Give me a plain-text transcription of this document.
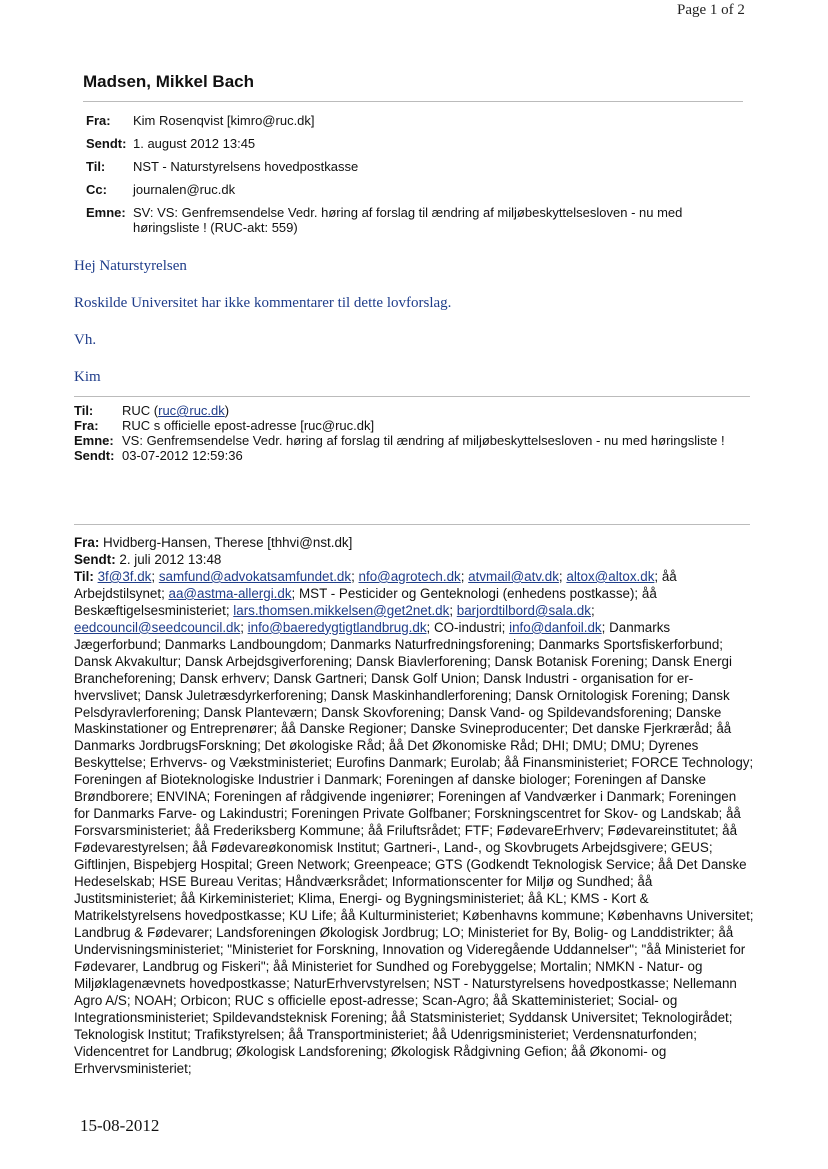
Page 1 of 2
Madsen, Mikkel Bach
Fra:	Kim Rosenqvist [kimro@ruc.dk]
Sendt:	1. august 2012 13:45
Til:	NST - Naturstyrelsens hovedpostkasse
Cc:	journalen@ruc.dk
Emne:	SV: VS: Genfremsendelse Vedr. høring af forslag til ændring af miljøbeskyttelsesloven - nu med høringsliste ! (RUC-akt: 559)
Hej Naturstyrelsen
Roskilde Universitet har ikke kommentarer til dette lovforslag.
Vh.
Kim
Til:	RUC (ruc@ruc.dk)
Fra:	RUC s officielle epost-adresse [ruc@ruc.dk]
Emne:	VS: Genfremsendelse Vedr. høring af forslag til ændring af miljøbeskyttelsesloven - nu med høringsliste !
Sendt:	03-07-2012 12:59:36
Fra: Hvidberg-Hansen, Therese [thhvi@nst.dk]
Sendt: 2. juli 2012 13:48
Til: 3f@3f.dk; samfund@advokatsamfundet.dk; nfo@agrotech.dk; atvmail@atv.dk; altox@altox.dk; åå Arbejdstilsynet; aa@astma-allergi.dk; MST - Pesticider og Genteknologi (enhedens postkasse); åå Beskæftigelsesministeriet; lars.thomsen.mikkelsen@get2net.dk; barjordtilbord@sala.dk; eedcouncil@seedcouncil.dk; info@baeredygtigtlandbrug.dk; CO-industri; info@danfoil.dk; Danmarks Jægerforbund; Danmarks Landboungdom; Danmarks Naturfredningsforening; Danmarks Sportsfiskerforbund; Dansk Akvakultur; Dansk Arbejdsgiverforening; Dansk Biavlerforening; Dansk Botanisk Forening; Dansk Energi Brancheforening; Dansk erhverv; Dansk Gartneri; Dansk Golf Union; Dansk Industri - organisation for er-hvervslivet; Dansk Juletræsdyrkerforening; Dansk Maskinhandlerforening; Dansk Ornitologisk Forening; Dansk Pelsdyravlerforening; Dansk Planteværn; Dansk Skovforening; Dansk Vand- og Spildevandsforening; Danske Maskinstationer og Entreprenører; åå Danske Regioner; Danske Svineproducenter; Det danske Fjerkræråd; åå Danmarks JordbrugsForskning; Det økologiske Råd; åå Det Økonomiske Råd; DHI; DMU; DMU; Dyrenes Beskyttelse; Erhvervs- og Vækstministeriet; Eurofins Danmark; Eurolab; åå Finansministeriet; FORCE Technology; Foreningen af Bioteknologiske Industrier i Danmark; Foreningen af danske biologer; Foreningen af Danske Brøndborere; ENVINA; Foreningen af rådgivende ingeniører; Foreningen af Vandværker i Danmark; Foreningen for Danmarks Farve- og Lakindustri; Foreningen Private Golfbaner; Forskningscentret for Skov- og Landskab; åå Forsvarsministeriet; åå Frederiksberg Kommune; åå Friluftsrådet; FTF; FødevareErhverv; Fødevareinstitutet; åå Fødevarestyrelsen; åå Fødevareøkonomisk Institut; Gartneri-, Land-, og Skovbrugets Arbejdsgivere; GEUS; Giftlinjen, Bispebjerg Hospital; Green Network; Greenpeace; GTS (Godkendt Teknologisk Service; åå Det Danske Hedeselskab; HSE Bureau Veritas; Håndværksrådet; Informationscenter for Miljø og Sundhed; åå Justitsministeriet; åå Kirkeministeriet; Klima, Energi- og Bygningsministeriet; åå KL; KMS - Kort & Matrikelstyrelsens hovedpostkasse; KU Life; åå Kulturministeriet; Københavns kommune; Københavns Universitet; Landbrug & Fødevarer; Landsforeningen Økologisk Jordbrug; LO; Ministeriet for By, Bolig- og Landdistrikter; åå Undervisningsministeriet; "Ministeriet for Forskning, Innovation og Videregående Uddannelser"; "åå Ministeriet for Fødevarer, Landbrug og Fiskeri"; åå Ministeriet for Sundhed og Forebyggelse; Mortalin; NMKN - Natur- og Miljøklagenævnets hovedpostkasse; NaturErhvervstyrelsen; NST - Naturstyrelsens hovedpostkasse; Nellemann Agro A/S; NOAH; Orbicon; RUC s officielle epost-adresse; Scan-Agro; åå Skatteministeriet; Social- og Integrationsministeriet; Spildevandsteknisk Forening; åå Statsministeriet; Syddansk Universitet; Teknologirådet; Teknologisk Institut; Trafikstyrelsen; åå Transportministeriet; åå Udenrigsministeriet; Verdensnaturfonden; Videncentret for Landbrug; Økologisk Landsforening; Økologisk Rådgivning Gefion; åå Økonomi- og Erhvervsministeriet;
15-08-2012
